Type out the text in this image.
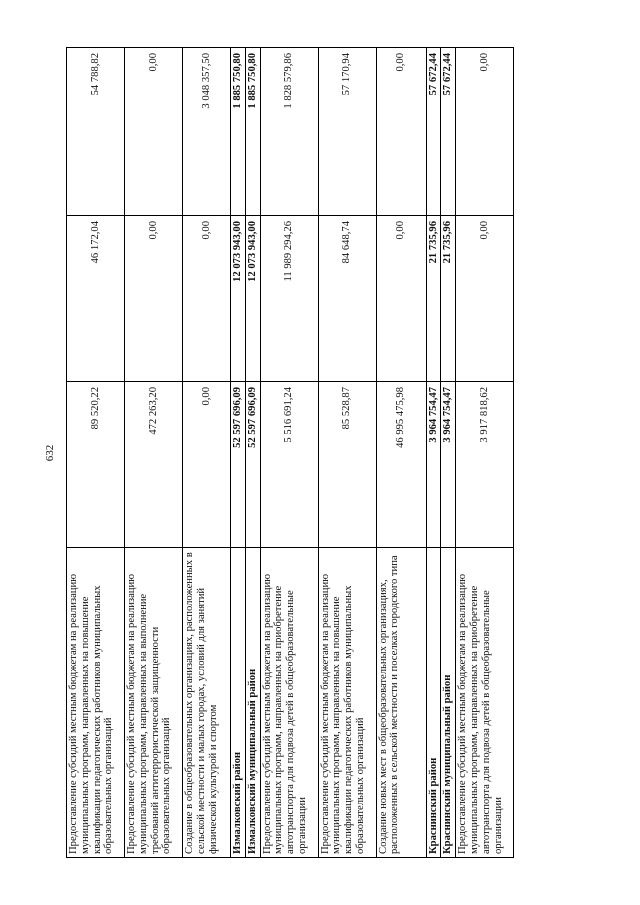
632
Предоставление субсидий местным бюджетам на реализацию муниципальных программ, направленных на повышение квалификации педагогических работников муниципальных образовательных организаций	89 520,22	46 172,04	54 788,82
Предоставление субсидий местным бюджетам на реализацию муниципальных программ, направленных на выполнение требований антитеррористической защищенности образовательных организаций	472 263,20	0,00	0,00
Создание в общеобразовательных организациях, расположенных в сельской местности и малых городах, условий для занятий физической культурой и спортом	0,00	0,00	3 048 357,50
Измалковский район	52 597 696,09	12 073 943,00	1 885 750,80
Измалковский муниципальный район	52 597 696,09	12 073 943,00	1 885 750,80
Предоставление субсидий местным бюджетам на реализацию муниципальных программ, направленных на приобретение автотранспорта для подвоза детей в общеобразовательные организации	5 516 691,24	11 989 294,26	1 828 579,86
Предоставление субсидий местным бюджетам на реализацию муниципальных программ, направленных на повышение квалификации педагогических работников муниципальных образовательных организаций	85 528,87	84 648,74	57 170,94
Создание новых мест в общеобразовательных организациях, расположенных в сельской местности и поселках городского типа	46 995 475,98	0,00	0,00
Краснинский район	3 964 754,47	21 735,96	57 672,44
Краснинский муниципальный район	3 964 754,47	21 735,96	57 672,44
Предоставление субсидий местным бюджетам на реализацию муниципальных программ, направленных на приобретение автотранспорта для подвоза детей в общеобразовательные организации	3 917 818,62	0,00	0,00
